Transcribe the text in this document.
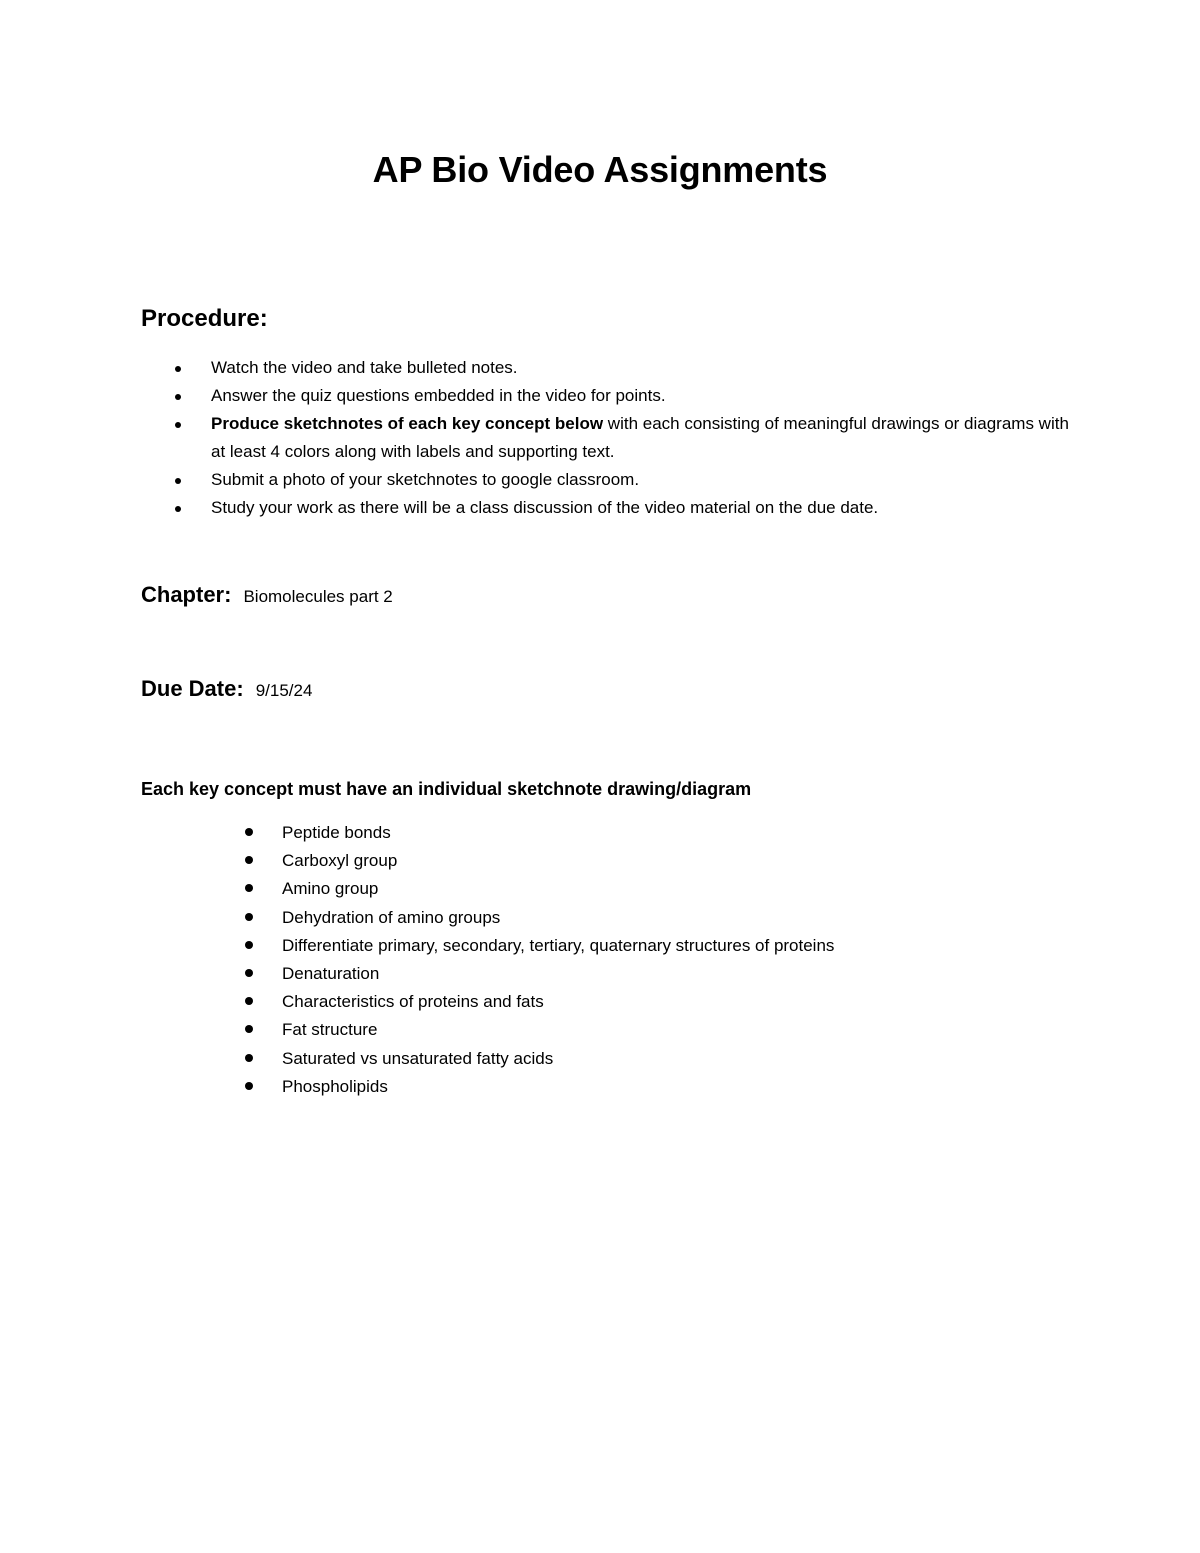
AP Bio Video Assignments
Procedure:
Watch the video and take bulleted notes.
Answer the quiz questions embedded in the video for points.
Produce sketchnotes of each key concept below with each consisting of meaningful drawings or diagrams with at least 4 colors along with labels and supporting text.
Submit a photo of your sketchnotes to google classroom.
Study your work as there will be a class discussion of the video material on the due date.
Chapter: Biomolecules part 2
Due Date: 9/15/24
Each key concept must have an individual sketchnote drawing/diagram
Peptide bonds
Carboxyl group
Amino group
Dehydration of amino groups
Differentiate primary, secondary, tertiary, quaternary structures of proteins
Denaturation
Characteristics of proteins and fats
Fat structure
Saturated vs unsaturated fatty acids
Phospholipids
